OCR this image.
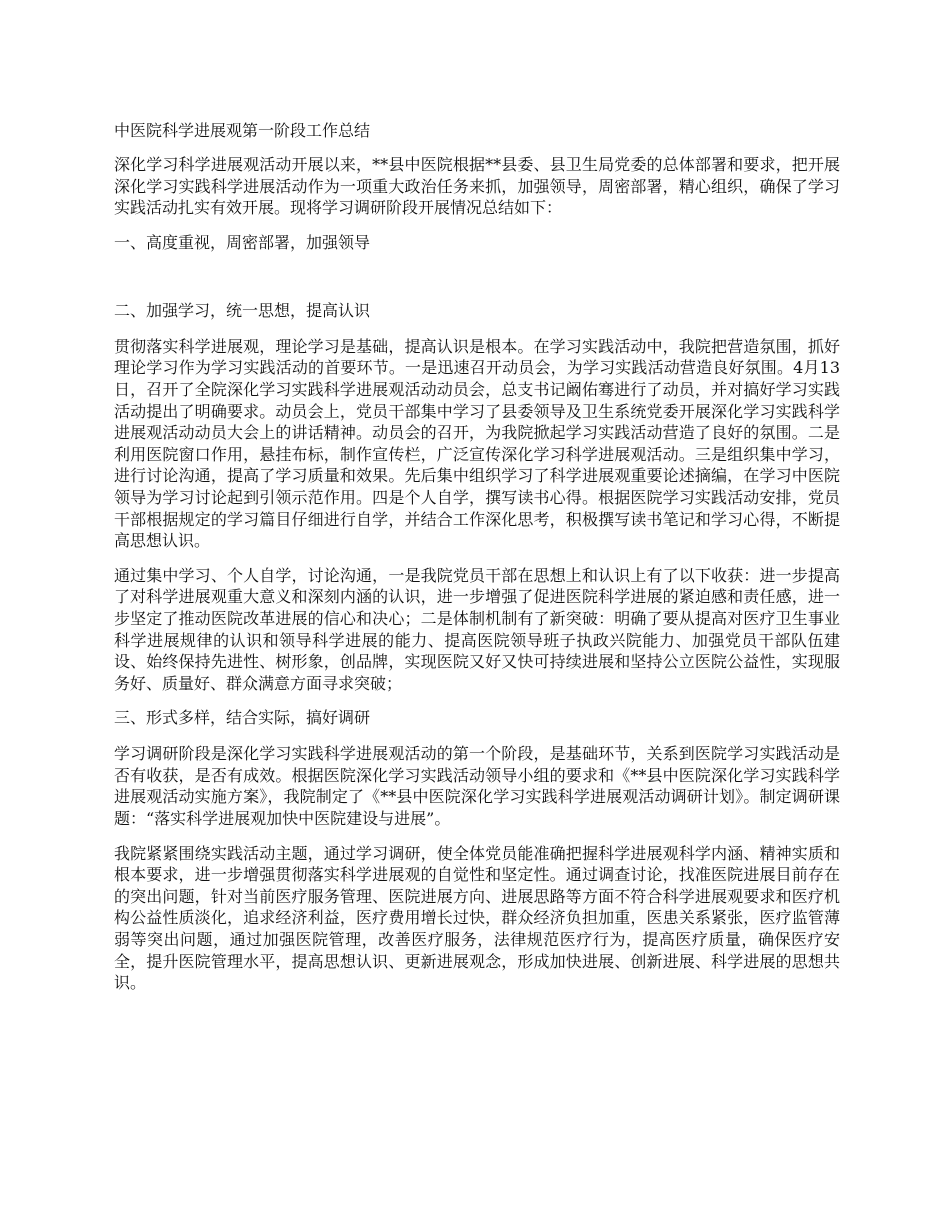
中医院科学进展观第一阶段工作总结

深化学习科学进展观活动开展以来，**县中医院根据**县委、县卫生局党委的总体部署和要求，把开展深化学习实践科学进展活动作为一项重大政治任务来抓，加强领导，周密部署，精心组织，确保了学习实践活动扎实有效开展。现将学习调研阶段开展情况总结如下：

一、高度重视，周密部署，加强领导
二、加强学习，统一思想，提高认识

贯彻落实科学进展观，理论学习是基础，提高认识是根本。在学习实践活动中，我院把营造氛围，抓好理论学习作为学习实践活动的首要环节。一是迅速召开动员会，为学习实践活动营造良好氛围。4月13日，召开了全院深化学习实践科学进展观活动动员会，总支书记阚佑骞进行了动员，并对搞好学习实践活动提出了明确要求。动员会上，党员干部集中学习了县委领导及卫生系统党委开展深化学习实践科学进展观活动动员大会上的讲话精神。动员会的召开，为我院掀起学习实践活动营造了良好的氛围。二是利用医院窗口作用，悬挂布标，制作宣传栏，广泛宣传深化学习科学进展观活动。三是组织集中学习，进行讨论沟通，提高了学习质量和效果。先后集中组织学习了科学进展观重要论述摘编，在学习中医院领导为学习讨论起到引领示范作用。四是个人自学，撰写读书心得。根据医院学习实践活动安排，党员干部根据规定的学习篇目仔细进行自学，并结合工作深化思考，积极撰写读书笔记和学习心得，不断提高思想认识。

通过集中学习、个人自学，讨论沟通，一是我院党员干部在思想上和认识上有了以下收获：进一步提高了对科学进展观重大意义和深刻内涵的认识，进一步增强了促进医院科学进展的紧迫感和责任感，进一步坚定了推动医院改革进展的信心和决心；二是体制机制有了新突破：明确了要从提高对医疗卫生事业科学进展规律的认识和领导科学进展的能力、提高医院领导班子执政兴院能力、加强党员干部队伍建设、始终保持先进性、树形象，创品牌，实现医院又好又快可持续进展和坚持公立医院公益性，实现服务好、质量好、群众满意方面寻求突破；

三、形式多样，结合实际，搞好调研

学习调研阶段是深化学习实践科学进展观活动的第一个阶段，是基础环节，关系到医院学习实践活动是否有收获，是否有成效。根据医院深化学习实践活动领导小组的要求和《**县中医院深化学习实践科学进展观活动实施方案》，我院制定了《**县中医院深化学习实践科学进展观活动调研计划》。制定调研课题：“落实科学进展观加快中医院建设与进展”。

我院紧紧围绕实践活动主题，通过学习调研，使全体党员能准确把握科学进展观科学内涵、精神实质和根本要求，进一步增强贯彻落实科学进展观的自觉性和坚定性。通过调查讨论，找准医院进展目前存在的突出问题，针对当前医疗服务管理、医院进展方向、进展思路等方面不符合科学进展观要求和医疗机构公益性质淡化，追求经济利益，医疗费用增长过快，群众经济负担加重，医患关系紧张，医疗监管薄弱等突出问题，通过加强医院管理，改善医疗服务，法律规范医疗行为，提高医疗质量，确保医疗安全，提升医院管理水平，提高思想认识、更新进展观念，形成加快进展、创新进展、科学进展的思想共识。
